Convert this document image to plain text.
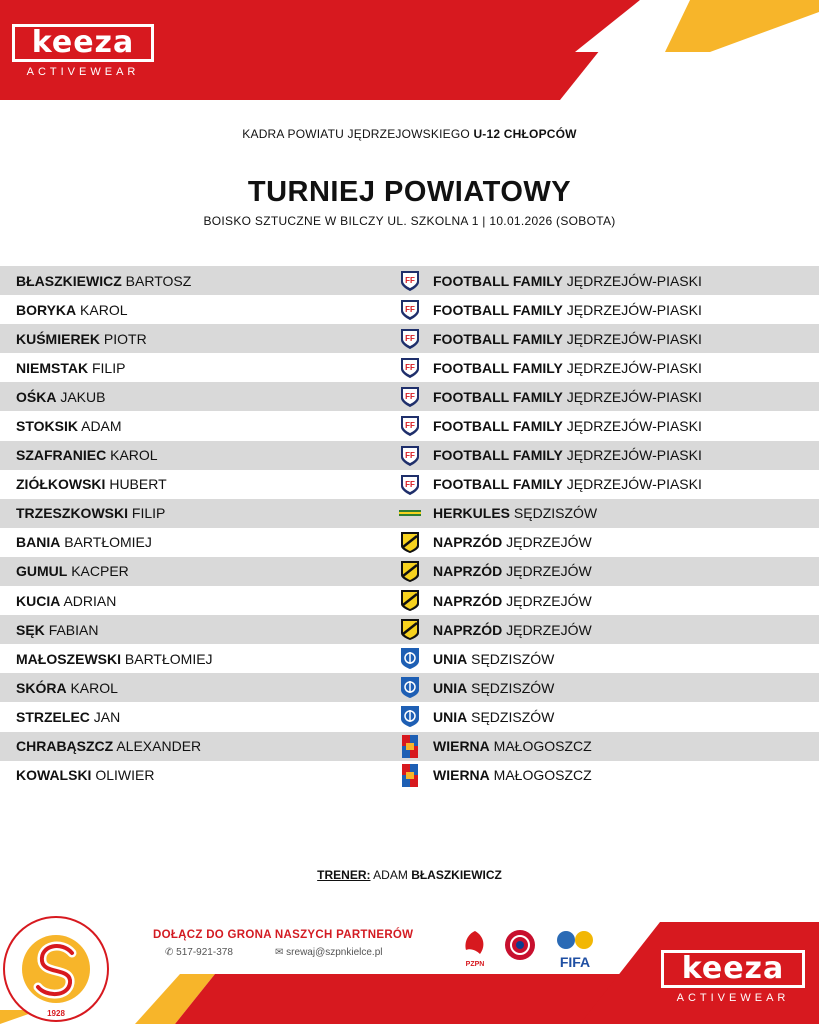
keeza
ACTIVEWEAR
KADRA POWIATU JĘDRZEJOWSKIEGO U-12 CHŁOPCÓW
TURNIEJ POWIATOWY
BOISKO SZTUCZNE W BILCZY UL. SZKOLNA 1 | 10.01.2026 (SOBOTA)
BŁASZKIEWICZ BARTOSZ	FF FOOTBALL FAMILY JĘDRZEJÓW-PIASKI
BORYKA KAROL	FF FOOTBALL FAMILY JĘDRZEJÓW-PIASKI
KUŚMIEREK PIOTR	FF FOOTBALL FAMILY JĘDRZEJÓW-PIASKI
NIEMSTAK FILIP	FF FOOTBALL FAMILY JĘDRZEJÓW-PIASKI
OŚKA JAKUB	FF FOOTBALL FAMILY JĘDRZEJÓW-PIASKI
STOKSIK ADAM	FF FOOTBALL FAMILY JĘDRZEJÓW-PIASKI
SZAFRANIEC KAROL	FF FOOTBALL FAMILY JĘDRZEJÓW-PIASKI
ZIÓŁKOWSKI HUBERT	FF FOOTBALL FAMILY JĘDRZEJÓW-PIASKI
TRZESZKOWSKI FILIP	HERKULES SĘDZISZÓW
BANIA BARTŁOMIEJ	NAPRZÓD JĘDRZEJÓW
GUMUL KACPER	NAPRZÓD JĘDRZEJÓW
KUCIA ADRIAN	NAPRZÓD JĘDRZEJÓW
SĘK FABIAN	NAPRZÓD JĘDRZEJÓW
MAŁOSZEWSKI BARTŁOMIEJ	UNIA SĘDZISZÓW
SKÓRA KAROL	UNIA SĘDZISZÓW
STRZELEC JAN	UNIA SĘDZISZÓW
CHRABĄSZCZ ALEXANDER	WIERNA MAŁOGOSZCZ
KOWALSKI OLIWIER	WIERNA MAŁOGOSZCZ
TRENER: ADAM BŁASZKIEWICZ
DOŁĄCZ DO GRONA NASZYCH PARTNERÓW
✆ 517-921-378	✉ srewaj@szpnkielce.pl
PZPN	FIFA
1928
keeza
ACTIVEWEAR
